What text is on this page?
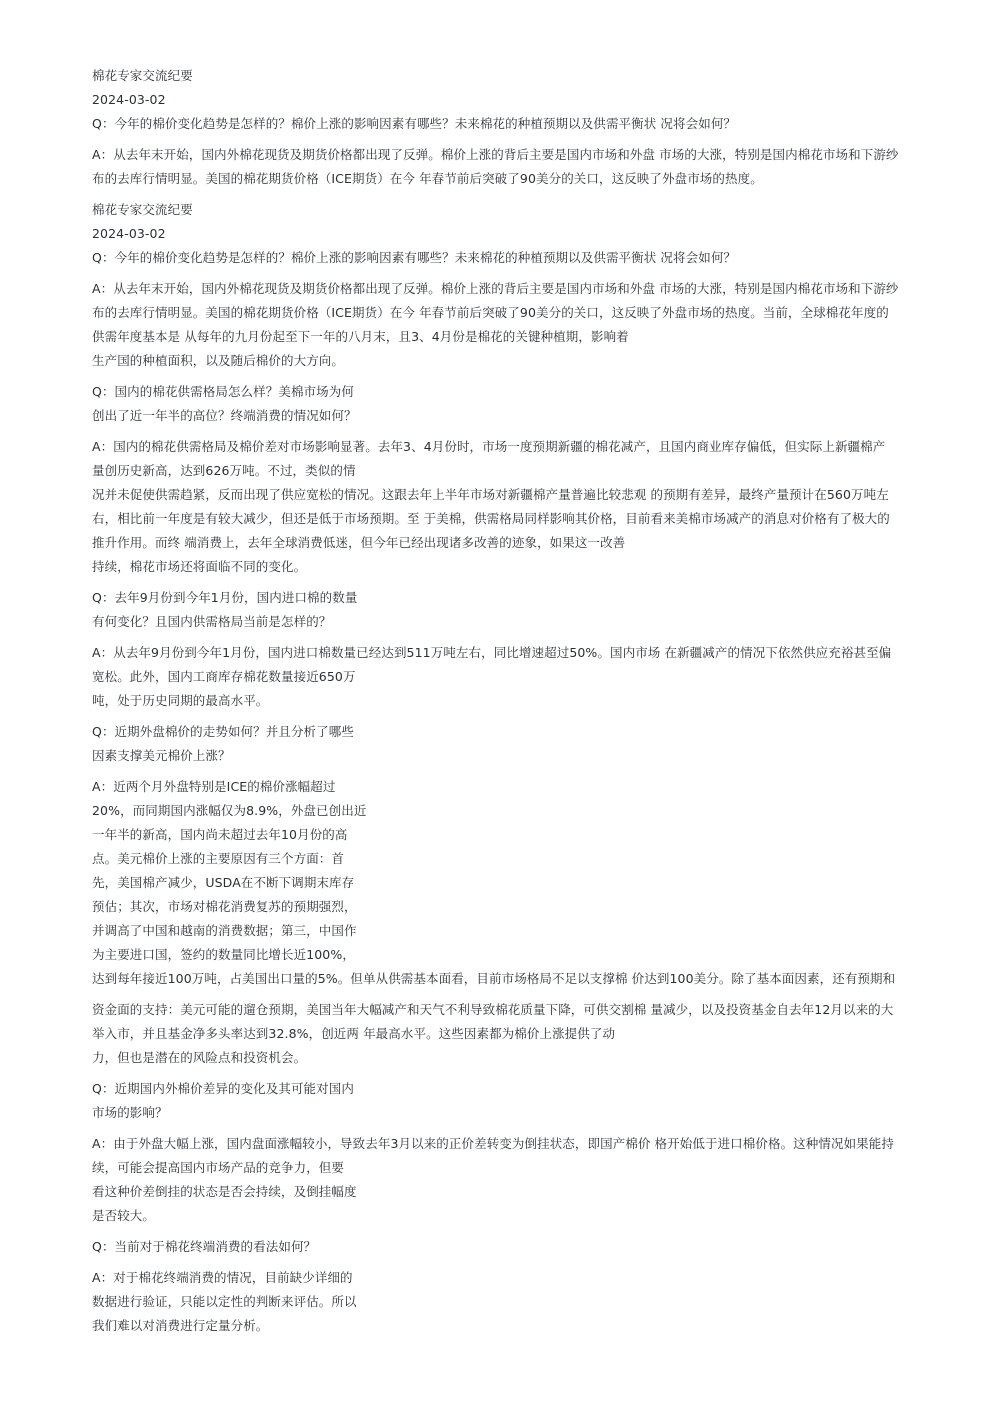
棉花专家交流纪要
2024-03-02
Q：今年的棉价变化趋势是怎样的？棉价上涨的影响因素有哪些？未来棉花的种植预期以及供需平衡状 况将会如何？
A：从去年末开始，国内外棉花现货及期货价格都出现了反弹。棉价上涨的背后主要是国内市场和外盘 市场的大涨，特别是国内棉花市场和下游纱
布的去库行情明显。美国的棉花期货价格（ICE期货）在今 年春节前后突破了90美分的关口，这反映了外盘市场的热度。
棉花专家交流纪要
2024-03-02
Q：今年的棉价变化趋势是怎样的？棉价上涨的影响因素有哪些？未来棉花的种植预期以及供需平衡状 况将会如何？
A：从去年末开始，国内外棉花现货及期货价格都出现了反弹。棉价上涨的背后主要是国内市场和外盘 市场的大涨，特别是国内棉花市场和下游纱
布的去库行情明显。美国的棉花期货价格（ICE期货）在今 年春节前后突破了90美分的关口，这反映了外盘市场的热度。当前，全球棉花年度的
供需年度基本是 从每年的九月份起至下一年的八月末，且3、4月份是棉花的关键种植期，影响着
生产国的种植面积，以及随后棉价的大方向。
Q：国内的棉花供需格局怎么样？美棉市场为何
创出了近一年半的高位？终端消费的情况如何？
A：国内的棉花供需格局及棉价差对市场影响显著。去年3、4月份时，市场一度预期新疆的棉花减产，且国内商业库存偏低，但实际上新疆棉产
量创历史新高，达到626万吨。不过，类似的情
况并未促使供需趋紧，反而出现了供应宽松的情况。这跟去年上半年市场对新疆棉产量普遍比较悲观 的预期有差异，最终产量预计在560万吨左
右，相比前一年度是有较大减少，但还是低于市场预期。至 于美棉，供需格局同样影响其价格，目前看来美棉市场减产的消息对价格有了极大的
推升作用。而终 端消费上，去年全球消费低迷，但今年已经出现诸多改善的迹象，如果这一改善
持续，棉花市场还将面临不同的变化。
Q：去年9月份到今年1月份，国内进口棉的数量
有何变化？且国内供需格局当前是怎样的？
A：从去年9月份到今年1月份，国内进口棉数量已经达到511万吨左右，同比增速超过50%。国内市场 在新疆减产的情况下依然供应充裕甚至偏
宽松。此外，国内工商库存棉花数量接近650万
吨，处于历史同期的最高水平。
Q：近期外盘棉价的走势如何？并且分析了哪些
因素支撑美元棉价上涨？
A：近两个月外盘特别是ICE的棉价涨幅超过
20%，而同期国内涨幅仅为8.9%，外盘已创出近
一年半的新高，国内尚未超过去年10月份的高
点。美元棉价上涨的主要原因有三个方面：首
先，美国棉产减少，USDA在不断下调期末库存
预估；其次，市场对棉花消费复苏的预期强烈，
并调高了中国和越南的消费数据；第三，中国作
为主要进口国，签约的数量同比增长近100%，
达到每年接近100万吨，占美国出口量的5%。但单从供需基本面看，目前市场格局不足以支撑棉 价达到100美分。除了基本面因素，还有预期和
资金面的支持：美元可能的遛仓预期，美国当年大幅减产和天气不利导致棉花质量下降，可供交割棉 量减少，以及投资基金自去年12月以来的大
举入市，并且基金净多头率达到32.8%，创近两 年最高水平。这些因素都为棉价上涨提供了动
力，但也是潜在的风险点和投资机会。
Q：近期国内外棉价差异的变化及其可能对国内
市场的影响？
A：由于外盘大幅上涨，国内盘面涨幅较小，导致去年3月以来的正价差转变为倒挂状态，即国产棉价 格开始低于进口棉价格。这种情况如果能持
续，可能会提高国内市场产品的竞争力，但要
看这种价差倒挂的状态是否会持续，及倒挂幅度
是否较大。
Q：当前对于棉花终端消费的看法如何？
A：对于棉花终端消费的情况，目前缺少详细的
数据进行验证，只能以定性的判断来评估。所以
我们难以对消费进行定量分析。
